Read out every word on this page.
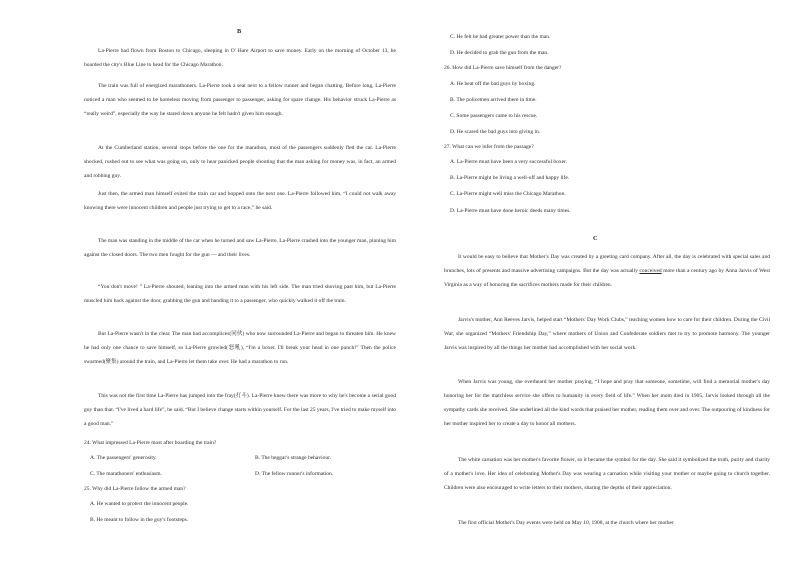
B

La-Pierre had flown from Boston to Chicago, sleeping in O' Hare Airport to save money. Early on the morning of October 13, he boarded the city's Blue Line to head for the Chicago Marathon.

The train was full of energized marathoners. La-Pierre took a seat next to a fellow runner and began chatting. Before long, La-Pierre noticed a man who seemed to be homeless moving from passenger to passenger, asking for spare change. His behavior struck La-Pierre as “really weird”, especially the way he stared down anyone he felt hadn't given him enough.

At the Cumberland station, several stops before the one for the marathon, most of the passengers suddenly fled the car. La-Pierre shocked, rushed out to see what was going on, only to hear panicked people shouting that the man asking for money was, in fact, an armed and robbing guy.

Just then, the armed man himself exited the train car and hopped onto the next one. La-Pierre followed him. “I could not walk away knowing there were innocent children and people just trying to get to a race,” he said.

The man was standing in the middle of the car when he turned and saw La-Pierre. La-Pierre crashed into the younger man, pinning him against the closed doors. The two men fought for the gun — and their lives.

“You don't move! ” La-Pierre shouted, leaning into the armed man with his left side. The man tried shoving past him, but La-Pierre muscled him back against the door, grabbing the gun and handing it to a passenger, who quickly walked it off the train.

But La-Pierre wasn't in the clear. The man had accomplices(同伙) who now surrounded La-Pierre and began to threaten him. He knew he had only one chance to save himself, so La-Pierre growled(怒吼), “I'm a boxer. I'll break your head in one punch!” Then the police swarmed(聚集) around the train, and La-Pierre let them take over. He had a marathon to run.

This was not the first time La-Pierre has jumped into the fray(打斗). La-Pierre knew there was more to why he's become a serial good guy than that. “I've lived a hard life”, he said. “But I believe change starts within yourself. For the last 25 years, I've tried to make myself into a good man.”

24. What impressed La-Pierre most after boarding the train?

A. The passengers' generosity.	B. The beggar's strange behaviour.

C. The marathoners' enthusiasm.	D. The fellow runner's information.

25. Why did La-Pierre follow the armed man?

A. He wanted to protect the innocent people.

B. He meant to follow in the guy's footsteps.

C. He felt he had greater power than the man.

D. He decided to grab the gun from the man.

26. How did La-Pierre save himself from the danger?

A. He beat off the bad guys by boxing.

B. The policemen arrived there in time.

C. Some passengers came to his rescue.

D. He scared the bad guys into giving in.

27. What can we infer from the passage?

A. La-Pierre must have been a very successful boxer.

B. La-Pierre might be living a well-off and happy life.

C. La-Pierre might well miss the Chicago Marathon.

D. La-Pierre must have done heroic deeds many times.

C

It would be easy to believe that Mother's Day was created by a greeting card company. After all, the day is celebrated with special sales and brunches, lots of presents and massive advertising campaigns. But the day was actually conceived more than a century ago by Anna Jarvis of West Virginia as a way of honoring the sacrifices mothers made for their children.

Jarvis's mother, Ann Reeves Jarvis, helped start “Mothers' Day Work Clubs,” teaching women how to care for their children. During the Civil War, she organized “Mothers' Friendship Day,” where mothers of Union and Confederate soldiers met to try to promote harmony. The younger Jarvis was inspired by all the things her mother had accomplished with her social work.

When Jarvis was young, she overheard her mother praying, “I hope and pray that someone, sometime, will find a memorial mother's day honoring her for the matchless service she offers to humanity in every field of life.” When her mom died in 1905, Jarvis looked through all the sympathy cards she received. She underlined all the kind words that praised her mother, reading them over and over. The outpouring of kindness for her mother inspired her to create a day to honor all mothers.

The white carnation was her mother's favorite flower, so it became the symbol for the day. She said it symbolized the truth, purity and charity of a mother's love. Her idea of celebrating Mother's Day was wearing a carnation while visiting your mother or maybe going to church together. Children were also encouraged to write letters to their mothers, sharing the depths of their appreciation.

The first official Mother's Day events were held on May 10, 1908, at the church where her mother
